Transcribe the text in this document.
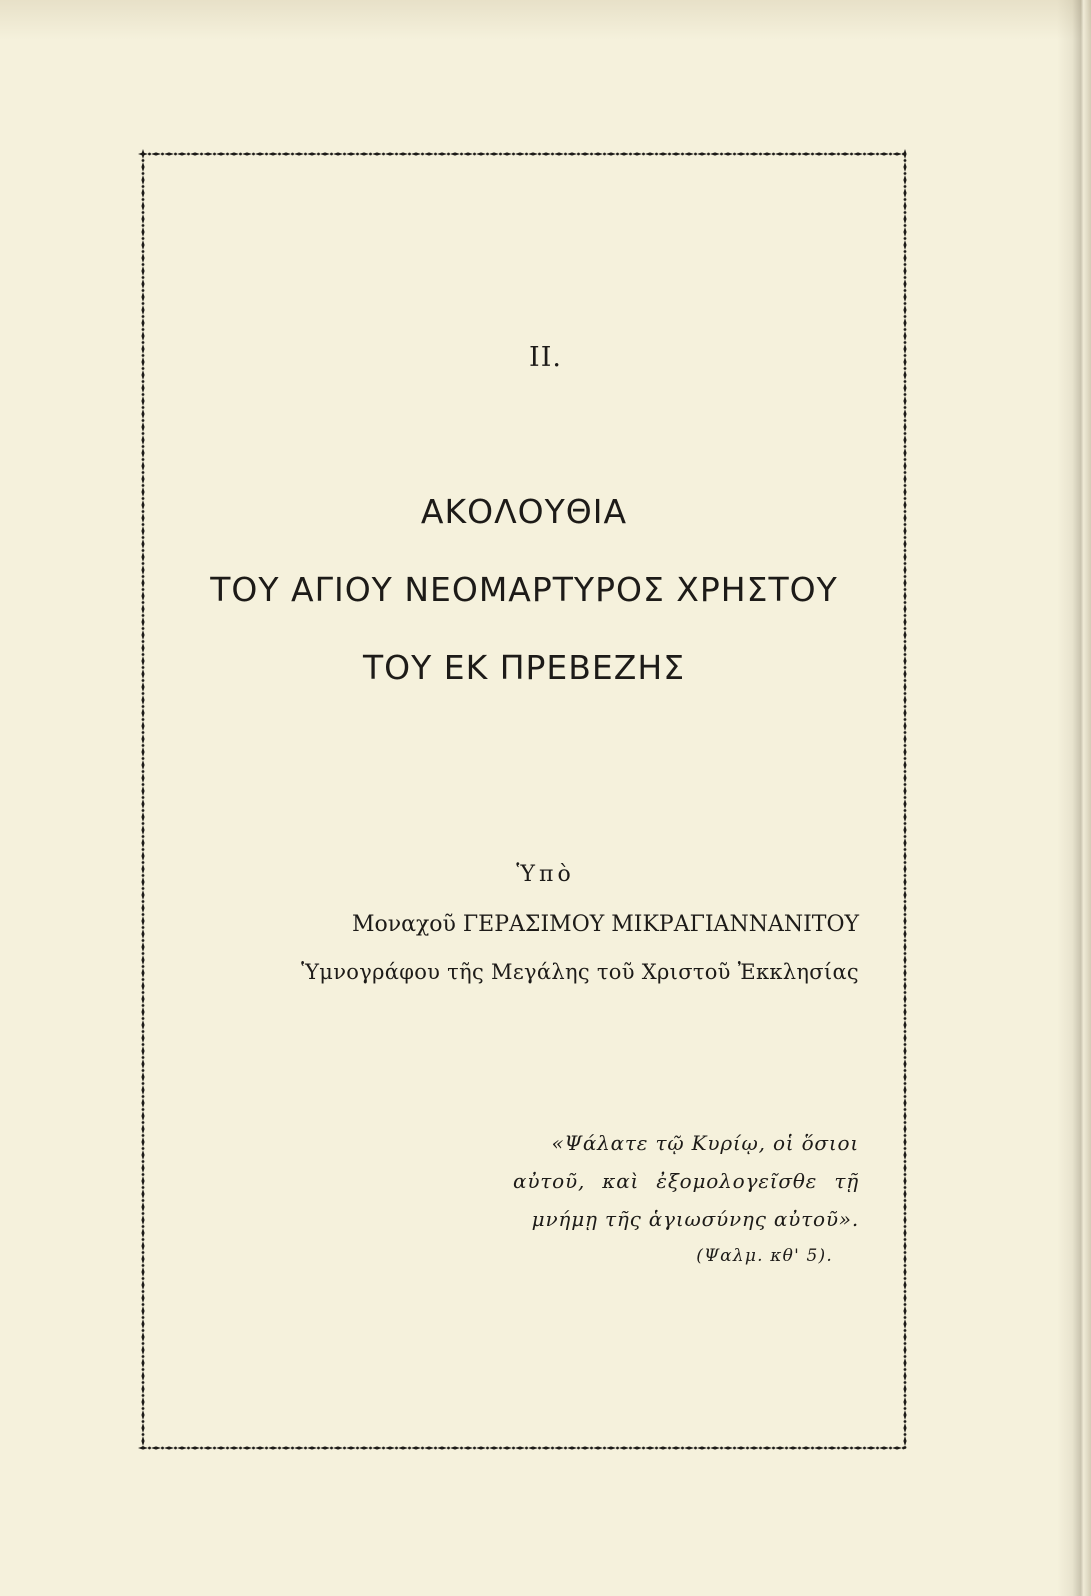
II.
ΑΚΟΛΟΥΘΙΑ
ΤΟΥ ΑΓΙΟΥ ΝΕΟΜΑΡΤΥΡΟΣ ΧΡΗΣΤΟΥ
ΤΟΥ ΕΚ ΠΡΕΒΕΖΗΣ
Ὑπὸ
Μοναχοῦ ΓΕΡΑΣΙΜΟΥ ΜΙΚΡΑΓΙΑΝΝΑΝΙΤΟΥ
Ὑμνογράφου τῆς Μεγάλης τοῦ Χριστοῦ Ἐκκλησίας
«Ψάλατε τῷ Κυρίῳ, οἱ ὅσιοι
αὐτοῦ, καὶ ἐξομολογεῖσθε τῇ
μνήμῃ τῆς ἁγιωσύνης αὐτοῦ».
(Ψαλμ. κθ' 5).
